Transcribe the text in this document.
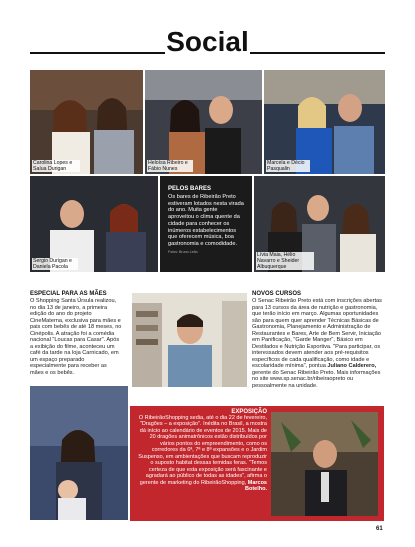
Social
Carolina Lopes e Saíua Durigan
Heloísa Ribeiro e Fábio Nunes
Marcela e Décio Pasqualin
Sergio Durigan e Daniela Pacola
PELOS BARES
Os bares de Ribeirão Preto estiveram lotados nesta virada do ano. Muita gente aproveitou o clima quente da cidade para conhecer os inúmeros estabelecimentos que oferecem música, boa gastronomia e comodidade.
Fotos: Bruno Leão
Lívia Maia, Hélio Navarro e Sheider Albuquerque
ESPECIAL PARA AS MÃES
O Shopping Santa Úrsula realizou, no dia 13 de janeiro, a primeira edição do ano do projeto CineMaterna, exclusiva para mães e pais com bebês de até 18 meses, no Cinépolis. A atração foi a comédia nacional "Loucas para Casar". Após a exibição do filme, aconteceu um café da tarde na loja Carnicado, em um espaço preparado especialmente para receber as mães e os bebês.
NOVOS CURSOS
O Senac Ribeirão Preto está com inscrições abertas para 13 cursos da área de nutrição e gastronomia, que terão início em março. Algumas oportunidades são para quem quer aprender Técnicas Básicas de Gastronomia, Planejamento e Administração de Restaurantes e Bares, Arte de Bem Servir, Iniciação em Panificação, "Garde Manger", Básico em Destilados e Nutrição Esportiva. "Para participar, os interessados devem atender aos pré-requisitos específicos de cada qualificação, como idade e escolaridade mínima", pontua Juliano Calderero, gerente do Senac Ribeirão Preto. Mais informações no site www.sp.senac.br/ribeiraopreto ou pessoalmente na unidade.
EXPOSIÇÃO
O RibeirãoShopping sedia, até o dia 22 de fevereiro, "Dragões – a exposição". Inédita no Brasil, a mostra dá início ao calendário de eventos de 2015. Mais de 20 dragões animatrônicos estão distribuídos por vários pontos do empreendimento, como os corredores da 6ª, 7ª e 8ª expansões e o Jardim Suspenso, em ambientações que buscam reproduzir o suposto habitat dessas temidas feras. "Temos certeza de que esta exposição será fascinante e agradará ao público de todas as idades", afirma o gerente de marketing do RibeirãoShopping, Marcos Botelho.
61
